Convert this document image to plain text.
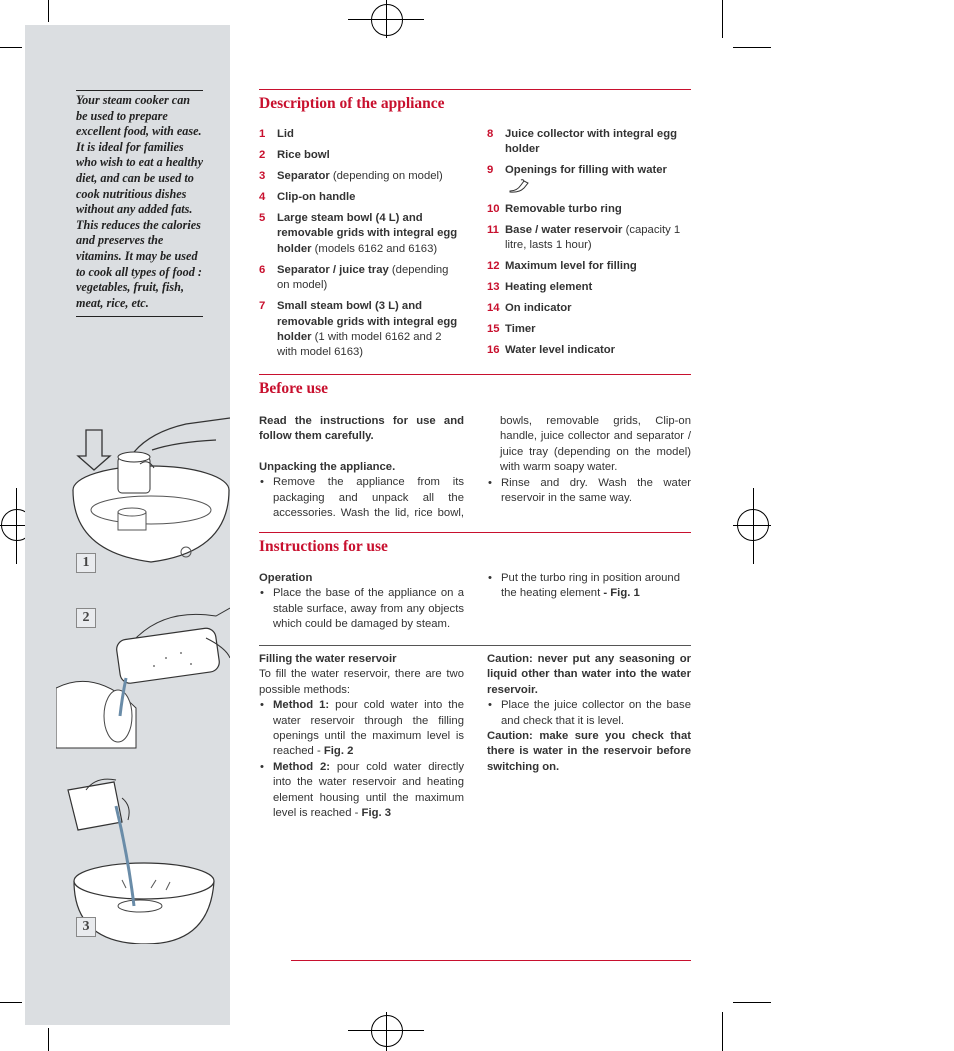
Your steam cooker can be used to prepare excellent food, with ease. It is ideal for families who wish to eat a healthy diet, and can be used to cook nutritious dishes without any added fats. This reduces the calories and preserves the vitamins. It may be used to cook all types of food : vegetables, fruit, fish, meat, rice, etc.
1
2
3
Description of the appliance
1 Lid
2 Rice bowl
3 Separator (depending on model)
4 Clip-on handle
5 Large steam bowl (4 L) and removable grids with integral egg holder (models 6162 and 6163)
6 Separator / juice tray (depending on model)
7 Small steam bowl (3 L) and removable grids with integral egg holder (1 with model 6162 and 2 with model 6163)
8 Juice collector with integral egg holder
9 Openings for filling with water
10 Removable turbo ring
11 Base / water reservoir (capacity 1 litre, lasts 1 hour)
12 Maximum level for filling
13 Heating element
14 On indicator
15 Timer
16 Water level indicator
Before use

Read the instructions for use and follow them carefully.

Unpacking the appliance.

• Remove the appliance from its packaging and unpack all the accessories. Wash the lid, rice bowl,

bowls, removable grids, Clip-on handle, juice collector and separator / juice tray (depending on the model) with warm soapy water.

• Rinse and dry. Wash the water reservoir in the same way.

Instructions for use

Operation

• Place the base of the appliance on a stable surface, away from any objects which could be damaged by steam.

• Put the turbo ring in position around the heating element - Fig. 1

Filling the water reservoir

To fill the water reservoir, there are two possible methods:

• Method 1: pour cold water into the water reservoir through the filling openings until the maximum level is reached - Fig. 2

• Method 2: pour cold water directly into the water reservoir and heating element housing until the maximum level is reached - Fig. 3

Caution: never put any seasoning or liquid other than water into the water reservoir.

• Place the juice collector on the base and check that it is level.

Caution: make sure you check that there is water in the reservoir before switching on.
